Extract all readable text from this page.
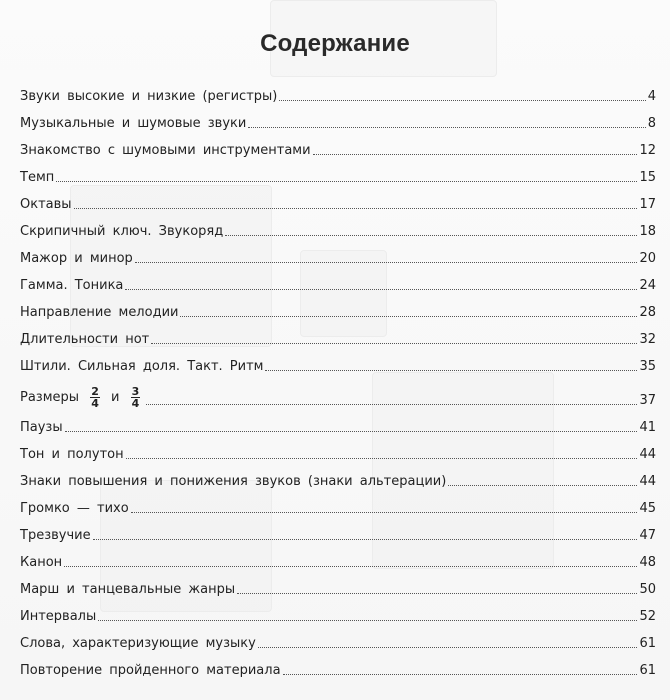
Содержание
Звуки высокие и низкие (регистры)	4
Музыкальные и шумовые звуки	8
Знакомство с шумовыми инструментами	12
Темп	15
Октавы	17
Скрипичный ключ. Звукоряд	18
Мажор и минор	20
Гамма. Тоника	24
Направление мелодии	28
Длительности нот	32
Штили. Сильная доля. Такт. Ритм	35
Размеры $\frac{2}{4}$ и $\frac{3}{4}$	37
Паузы	41
Тон и полутон	44
Знаки повышения и понижения звуков (знаки альтерации)	44
Громко — тихо	45
Трезвучие	47
Канон	48
Марш и танцевальные жанры	50
Интервалы	52
Слова, характеризующие музыку	61
Повторение пройденного материала	61
